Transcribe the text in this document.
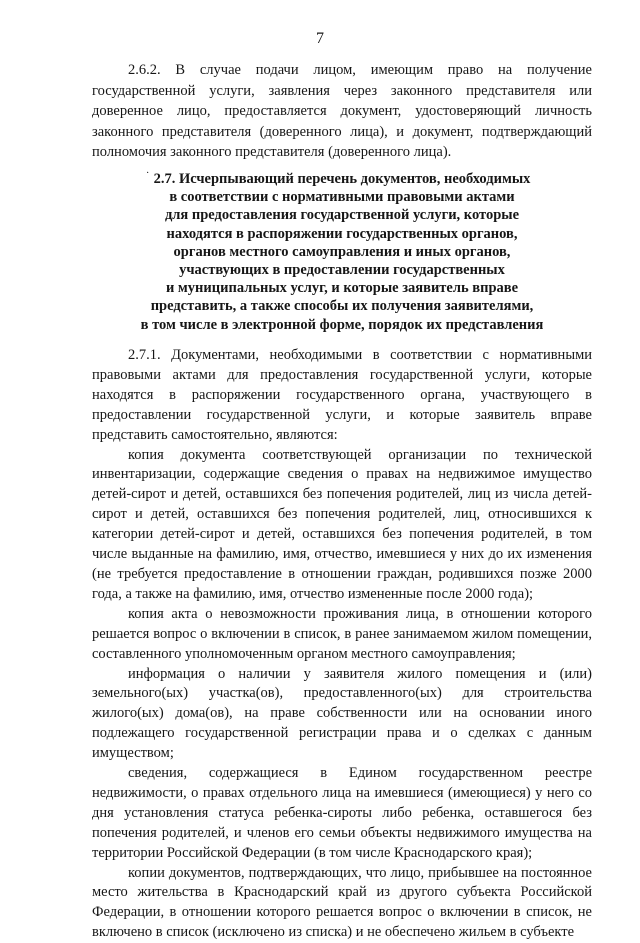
7

2.6.2. В случае подачи лицом, имеющим право на получение государственной услуги, заявления через законного представителя или доверенное лицо, предоставляется документ, удостоверяющий личность законного представителя (доверенного лица), и документ, подтверждающий полномочия законного представителя (доверенного лица).

· 2.7. Исчерпывающий перечень документов, необходимых
в соответствии с нормативными правовыми актами
для предоставления государственной услуги, которые
находятся в распоряжении государственных органов,
органов местного самоуправления и иных органов,
участвующих в предоставлении государственных
и муниципальных услуг, и которые заявитель вправе
представить, а также способы их получения заявителями,
в том числе в электронной форме, порядок их представления

2.7.1. Документами, необходимыми в соответствии с нормативными правовыми актами для предоставления государственной услуги, которые находятся в распоряжении государственного органа, участвующего в предоставлении государственной услуги, и которые заявитель вправе представить самостоятельно, являются:

копия документа соответствующей организации по технической инвентаризации, содержащие сведения о правах на недвижимое имущество детей-сирот и детей, оставшихся без попечения родителей, лиц из числа детей-сирот и детей, оставшихся без попечения родителей, лиц, относившихся к категории детей-сирот и детей, оставшихся без попечения родителей, в том числе выданные на фамилию, имя, отчество, имевшиеся у них до их изменения (не требуется предоставление в отношении граждан, родившихся позже 2000 года, а также на фамилию, имя, отчество измененные после 2000 года);

копия акта о невозможности проживания лица, в отношении которого решается вопрос о включении в список, в ранее занимаемом жилом помещении, составленного уполномоченным органом местного самоуправления;

информация о наличии у заявителя жилого помещения и (или) земельного(ых) участка(ов), предоставленного(ых) для строительства жилого(ых) дома(ов), на праве собственности или на основании иного подлежащего государственной регистрации права и о сделках с данным имуществом;

сведения, содержащиеся в Едином государственном реестре недвижимости, о правах отдельного лица на имевшиеся (имеющиеся) у него со дня установления статуса ребенка-сироты либо ребенка, оставшегося без попечения родителей, и членов его семьи объекты недвижимого имущества на территории Российской Федерации (в том числе Краснодарского края);

копии документов, подтверждающих, что лицо, прибывшее на постоянное место жительства в Краснодарский край из другого субъекта Российской Федерации, в отношении которого решается вопрос о включении в список, не включено в список (исключено из списка) и не обеспечено жильем в субъекте
